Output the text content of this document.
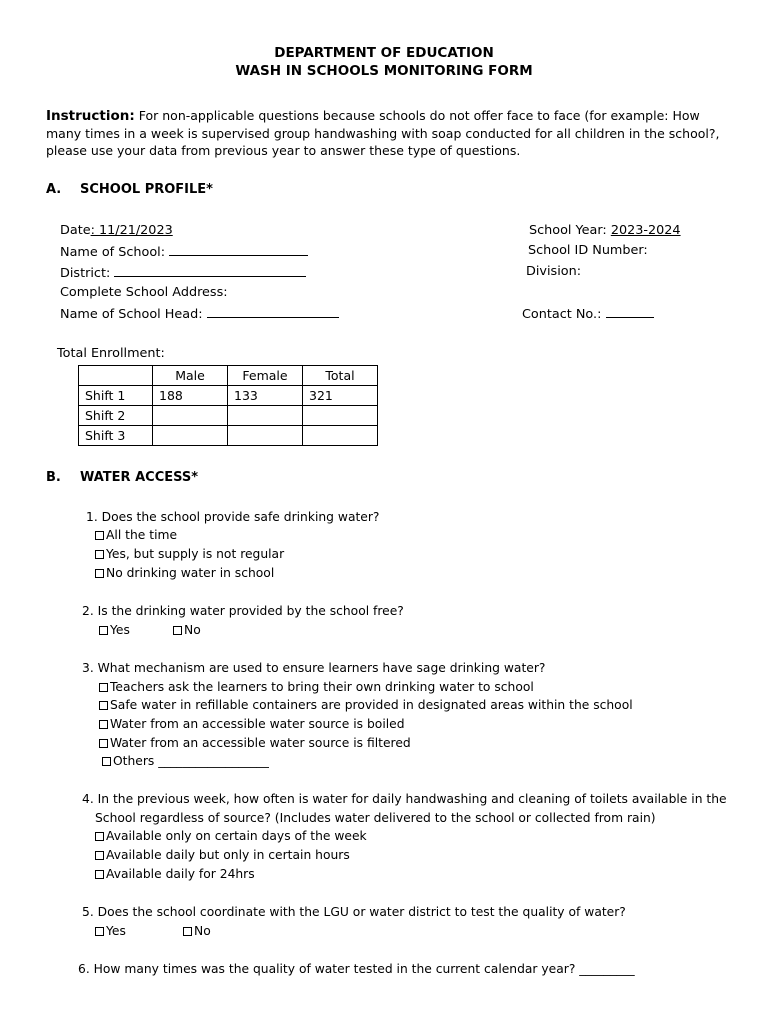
DEPARTMENT OF EDUCATION
WASH IN SCHOOLS MONITORING FORM
Instruction: For non-applicable questions because schools do not offer face to face (for example: How many times in a week is supervised group handwashing with soap conducted for all children in the school?, please use your data from previous year to answer these type of questions.
A. SCHOOL PROFILE*
Date: 11/21/2023	School Year: 2023-2024
Name of School:	School ID Number:
District:	Division:
Complete School Address:
Name of School Head:	Contact No.:
Total Enrollment:
	Male	Female	Total
Shift 1	188	133	321
Shift 2			
Shift 3			
B. WATER ACCESS*
1. Does the school provide safe drinking water?
All the time
Yes, but supply is not regular
No drinking water in school
2. Is the drinking water provided by the school free?
Yes	No
3. What mechanism are used to ensure learners have sage drinking water?
Teachers ask the learners to bring their own drinking water to school
Safe water in refillable containers are provided in designated areas within the school
Water from an accessible water source is boiled
Water from an accessible water source is filtered
Others __________________
4. In the previous week, how often is water for daily handwashing and cleaning of toilets available in the
School regardless of source? (Includes water delivered to the school or collected from rain)
Available only on certain days of the week
Available daily but only in certain hours
Available daily for 24hrs
5. Does the school coordinate with the LGU or water district to test the quality of water?
Yes	No
6. How many times was the quality of water tested in the current calendar year? _________
